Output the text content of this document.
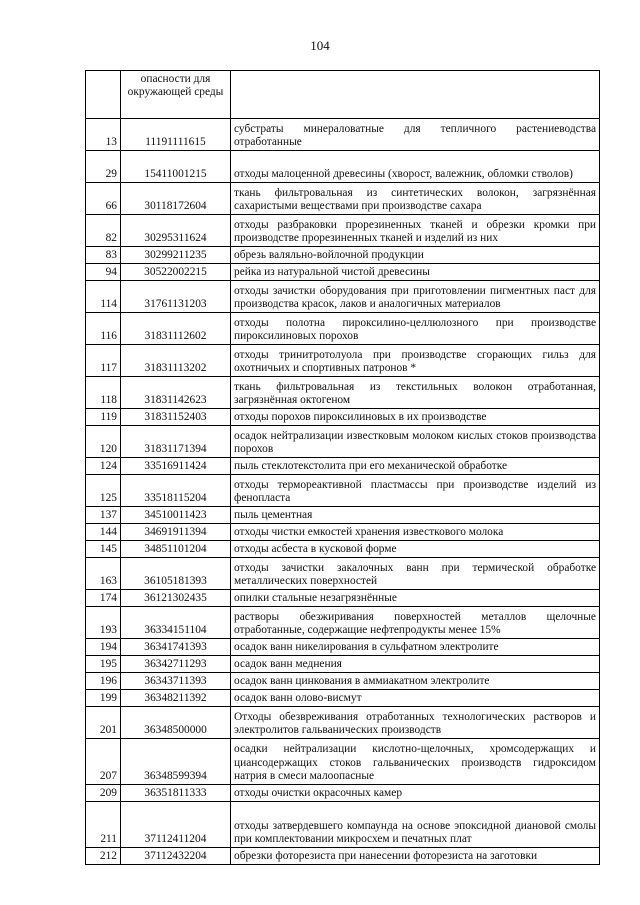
104
	опасности для окружающей среды	
13	11191111615	субстраты минераловатные для тепличного растениеводства отработанные
29	15411001215	отходы малоценной древесины (хворост, валежник, обломки стволов)
66	30118172604	ткань фильтровальная из синтетических волокон, загрязнённая сахаристыми веществами при производстве сахара
82	30295311624	отходы разбраковки прорезиненных тканей и обрезки кромки при производстве прорезиненных тканей и изделий из них
83	30299211235	обрезь валяльно-войлочной продукции
94	30522002215	рейка из натуральной чистой древесины
114	31761131203	отходы зачистки оборудования при приготовлении пигментных паст для производства красок, лаков и аналогичных материалов
116	31831112602	отходы полотна пироксилино-целлюлозного при производстве пироксилиновых порохов
117	31831113202	отходы тринитротолуола при производстве сгорающих гильз для охотничьих и спортивных патронов *
118	31831142623	ткань фильтровальная из текстильных волокон отработанная, загрязнённая октогеном
119	31831152403	отходы порохов пироксилиновых в их производстве
120	31831171394	осадок нейтрализации известковым молоком кислых стоков производства порохов
124	33516911424	пыль стеклотекстолита при его механической обработке
125	33518115204	отходы термореактивной пластмассы при производстве изделий из фенопласта
137	34510011423	пыль цементная
144	34691911394	отходы чистки емкостей хранения известкового молока
145	34851101204	отходы асбеста в кусковой форме
163	36105181393	отходы зачистки закалочных ванн при термической обработке металлических поверхностей
174	36121302435	опилки стальные незагрязнённые
193	36334151104	растворы обезжиривания поверхностей металлов щелочные отработанные, содержащие нефтепродукты менее 15%
194	36341741393	осадок ванн никелирования в сульфатном электролите
195	36342711293	осадок ванн меднения
196	36343711393	осадок ванн цинкования в аммиакатном электролите
199	36348211392	осадок ванн олово-висмут
201	36348500000	Отходы обезвреживания отработанных технологических растворов и электролитов гальванических производств
207	36348599394	осадки нейтрализации кислотно-щелочных, хромсодержащих и циансодержащих стоков гальванических производств гидроксидом натрия в смеси малоопасные
209	36351811333	отходы очистки окрасочных камер
211	37112411204	отходы затвердевшего компаунда на основе эпоксидной диановой смолы при комплектовании микросхем и печатных плат
212	37112432204	обрезки фоторезиста при нанесении фоторезиста на заготовки
